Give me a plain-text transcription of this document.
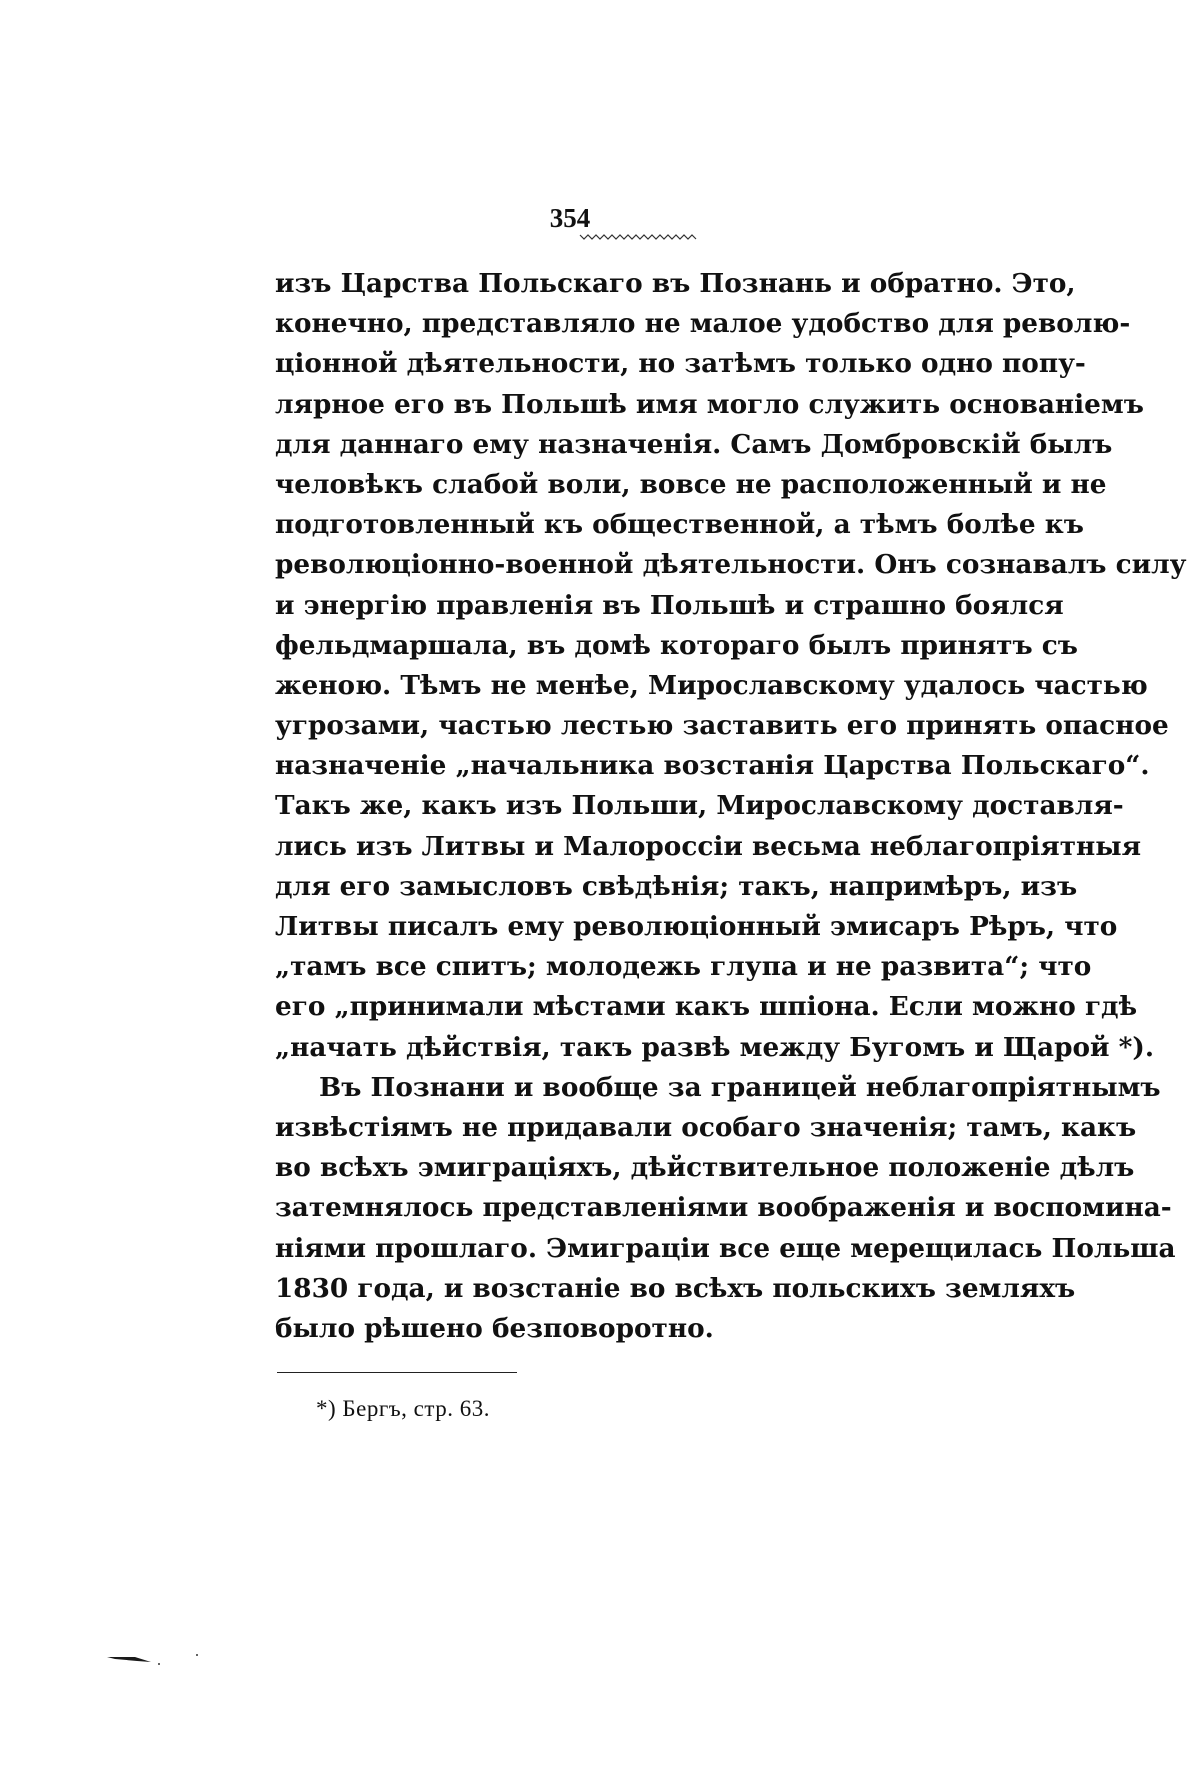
354
изъ Царства Польскаго въ Познань и обратно. Это,
конечно, представляло не малое удобство для револю-
ціонной дѣятельности, но затѣмъ только одно попу-
лярное его въ Польшѣ имя могло служить основаніемъ
для даннаго ему назначенія. Самъ Домбровскій былъ
человѣкъ слабой воли, вовсе не расположенный и не
подготовленный къ общественной, а тѣмъ болѣе къ
революціонно-военной дѣятельности. Онъ сознавалъ силу
и энергію правленія въ Польшѣ и страшно боялся
фельдмаршала, въ домѣ котораго былъ принятъ съ
женою. Тѣмъ не менѣе, Мирославскому удалось частью
угрозами, частью лестью заставить его принять опасное
назначеніе „начальника возстанія Царства Польскаго“.
Такъ же, какъ изъ Польши, Мирославскому доставля-
лись изъ Литвы и Малороссіи весьма неблагопріятныя
для его замысловъ свѣдѣнія; такъ, напримѣръ, изъ
Литвы писалъ ему революціонный эмисаръ Рѣръ, что
„тамъ все спитъ; молодежь глупа и не развита“; что
его „принимали мѣстами какъ шпіона. Если можно гдѣ
„начать дѣйствія, такъ развѣ между Бугомъ и Щарой *).
Въ Познани и вообще за границей неблагопріятнымъ
извѣстіямъ не придавали особаго значенія; тамъ, какъ
во всѣхъ эмиграціяхъ, дѣйствительное положеніе дѣлъ
затемнялось представленіями воображенія и воспомина-
ніями прошлаго. Эмиграціи все еще мерещилась Польша
1830 года, и возстаніе во всѣхъ польскихъ земляхъ
было рѣшено безповоротно.
*) Бергъ, стр. 63.
